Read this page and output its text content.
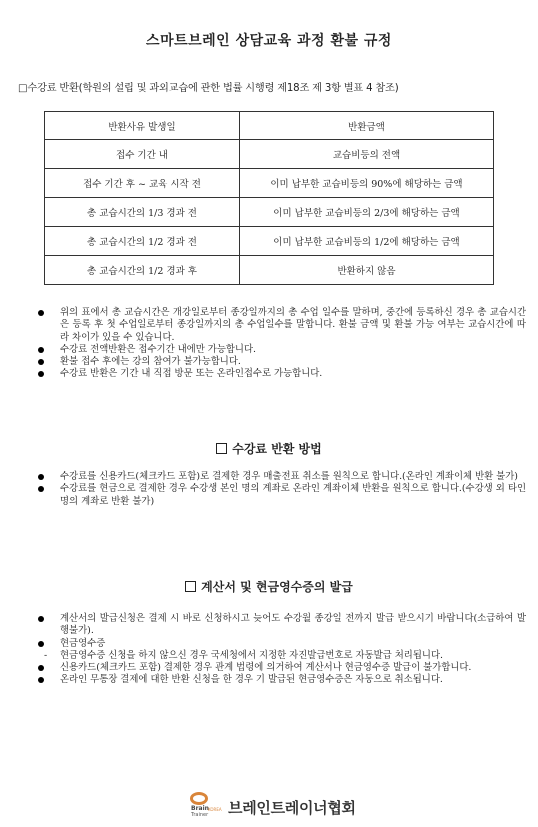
스마트브레인 상담교육 과정 환불 규정
□수강료 반환(학원의 설립 및 과외교습에 관한 법률 시행령 제18조 제 3항 별표 4 참조)
반환사유 발생일	반환금액
접수 기간 내	교습비등의 전액
접수 기간 후 ~ 교육 시작 전	이미 납부한 교습비등의 90%에 해당하는 금액
총 교습시간의 1/3 경과 전	이미 납부한 교습비등의 2/3에 해당하는 금액
총 교습시간의 1/2 경과 전	이미 납부한 교습비등의 1/2에 해당하는 금액
총 교습시간의 1/2 경과 후	반환하지 않음
위의 표에서 총 교습시간은 개강일로부터 종강일까지의 총 수업 일수를 말하며, 중간에 등록하신 경우 총 교습시간은 등록 후 첫 수업일로부터 종강일까지의 총 수업일수를 말합니다. 환불 금액 및 환불 가능 여부는 교습시간에 따라 차이가 있을 수 있습니다.
수강료 전액반환은 접수기간 내에만 가능합니다.
환불 접수 후에는 강의 참여가 불가능합니다.
수강료 반환은 기간 내 직접 방문 또는 온라인접수로 가능합니다.
수강료 반환 방법
수강료를 신용카드(체크카드 포함)로 결제한 경우 매출전표 취소를 원칙으로 합니다.(온라인 계좌이체 반환 불가)
수강료를 현금으로 결제한 경우 수강생 본인 명의 계좌로 온라인 계좌이체 반환을 원칙으로 합니다.(수강생 외 타인 명의 계좌로 반환 불가)
계산서 및 현금영수증의 발급
계산서의 발급신청은 결제 시 바로 신청하시고 늦어도 수강월 종강일 전까지 발급 받으시기 바랍니다(소급하여 발행불가).
현금영수증
- 현금영수증 신청을 하지 않으신 경우 국세청에서 지정한 자진발급번호로 자동발급 처리됩니다.
신용카드(체크카드 포함) 결제한 경우 관계 법령에 의거하여 계산서나 현금영수증 발급이 불가합니다.
온라인 무통장 결제에 대한 반환 신청을 한 경우 기 발급된 현금영수증은 자동으로 취소됩니다.
Brain
Trainer
KOREA 브레인트레이너협회
